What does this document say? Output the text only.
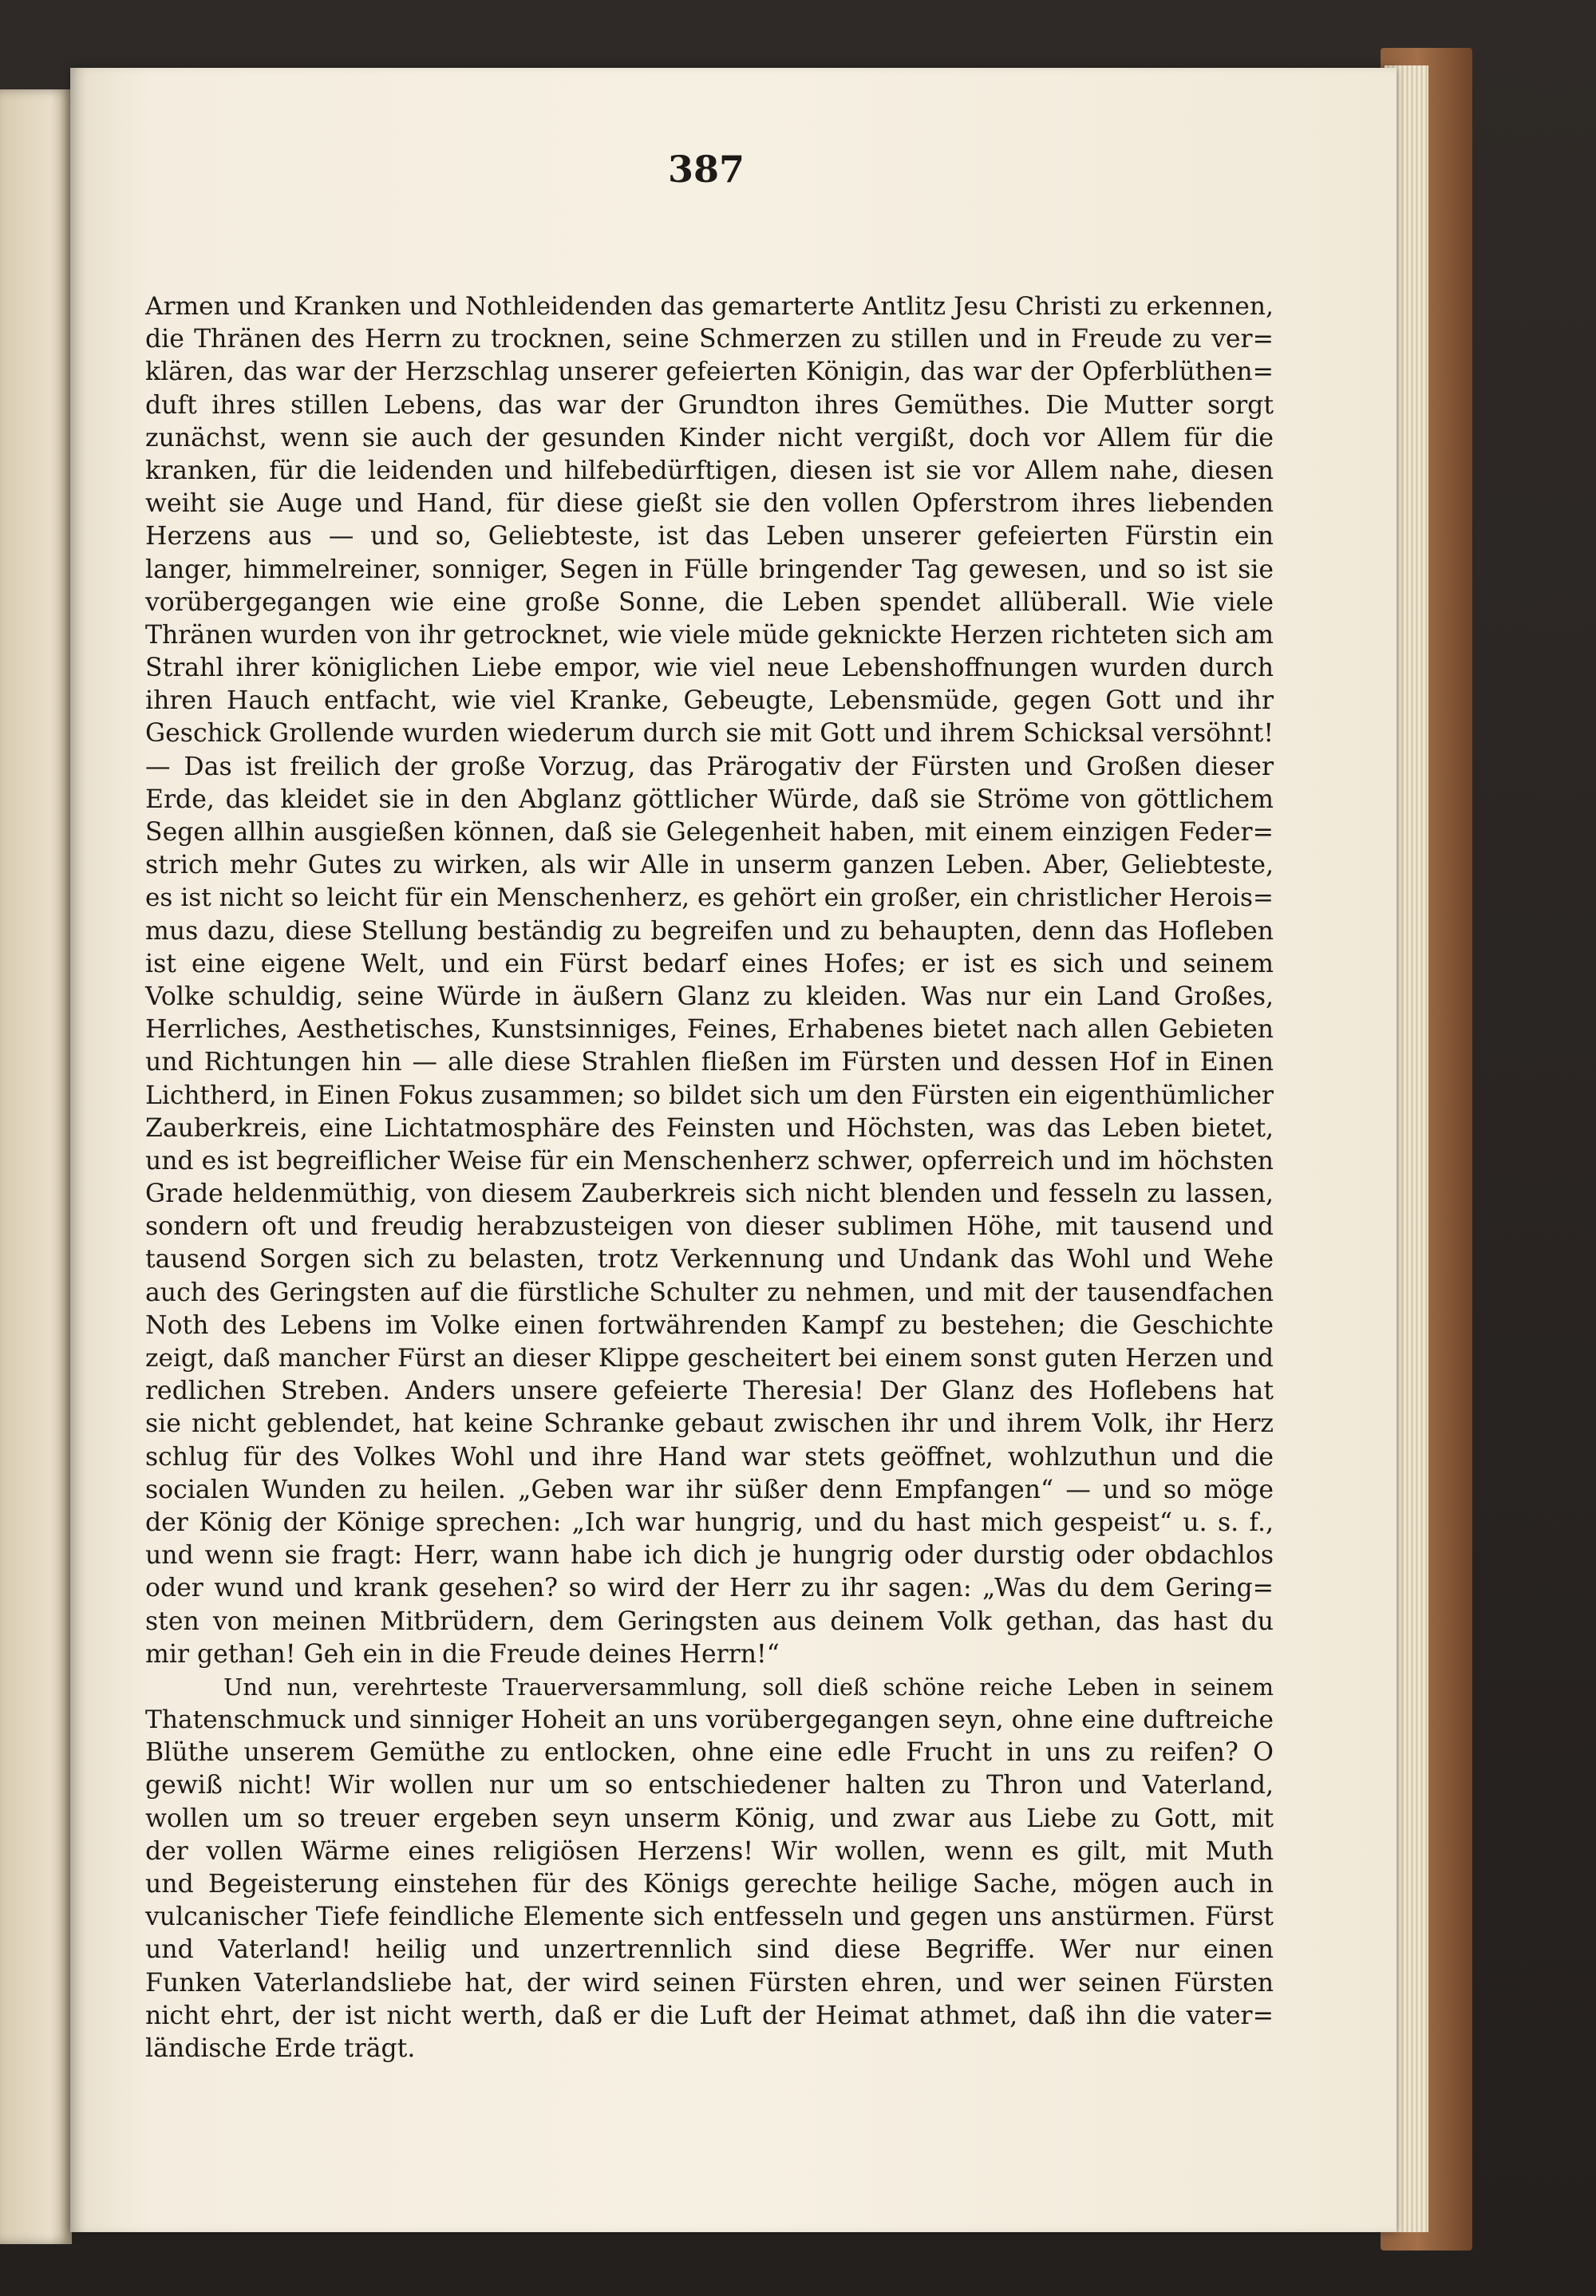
387
Armen und Kranken und Nothleidenden das gemarterte Antlitz Jesu Christi zu erkennen,
die Thränen des Herrn zu trocknen, seine Schmerzen zu stillen und in Freude zu ver=
klären, das war der Herzschlag unserer gefeierten Königin, das war der Opferblüthen=
duft ihres stillen Lebens, das war der Grundton ihres Gemüthes. Die Mutter sorgt
zunächst, wenn sie auch der gesunden Kinder nicht vergißt, doch vor Allem für die
kranken, für die leidenden und hilfebedürftigen, diesen ist sie vor Allem nahe, diesen
weiht sie Auge und Hand, für diese gießt sie den vollen Opferstrom ihres liebenden
Herzens aus — und so, Geliebteste, ist das Leben unserer gefeierten Fürstin ein
langer, himmelreiner, sonniger, Segen in Fülle bringender Tag gewesen, und so ist sie
vorübergegangen wie eine große Sonne, die Leben spendet allüberall. Wie viele
Thränen wurden von ihr getrocknet, wie viele müde geknickte Herzen richteten sich am
Strahl ihrer königlichen Liebe empor, wie viel neue Lebenshoffnungen wurden durch
ihren Hauch entfacht, wie viel Kranke, Gebeugte, Lebensmüde, gegen Gott und ihr
Geschick Grollende wurden wiederum durch sie mit Gott und ihrem Schicksal versöhnt!
— Das ist freilich der große Vorzug, das Prärogativ der Fürsten und Großen dieser
Erde, das kleidet sie in den Abglanz göttlicher Würde, daß sie Ströme von göttlichem
Segen allhin ausgießen können, daß sie Gelegenheit haben, mit einem einzigen Feder=
strich mehr Gutes zu wirken, als wir Alle in unserm ganzen Leben. Aber, Geliebteste,
es ist nicht so leicht für ein Menschenherz, es gehört ein großer, ein christlicher Herois=
mus dazu, diese Stellung beständig zu begreifen und zu behaupten, denn das Hofleben
ist eine eigene Welt, und ein Fürst bedarf eines Hofes; er ist es sich und seinem
Volke schuldig, seine Würde in äußern Glanz zu kleiden. Was nur ein Land Großes,
Herrliches, Aesthetisches, Kunstsinniges, Feines, Erhabenes bietet nach allen Gebieten
und Richtungen hin — alle diese Strahlen fließen im Fürsten und dessen Hof in Einen
Lichtherd, in Einen Fokus zusammen; so bildet sich um den Fürsten ein eigenthümlicher
Zauberkreis, eine Lichtatmosphäre des Feinsten und Höchsten, was das Leben bietet,
und es ist begreiflicher Weise für ein Menschenherz schwer, opferreich und im höchsten
Grade heldenmüthig, von diesem Zauberkreis sich nicht blenden und fesseln zu lassen,
sondern oft und freudig herabzusteigen von dieser sublimen Höhe, mit tausend und
tausend Sorgen sich zu belasten, trotz Verkennung und Undank das Wohl und Wehe
auch des Geringsten auf die fürstliche Schulter zu nehmen, und mit der tausendfachen
Noth des Lebens im Volke einen fortwährenden Kampf zu bestehen; die Geschichte
zeigt, daß mancher Fürst an dieser Klippe gescheitert bei einem sonst guten Herzen und
redlichen Streben. Anders unsere gefeierte Theresia! Der Glanz des Hoflebens hat
sie nicht geblendet, hat keine Schranke gebaut zwischen ihr und ihrem Volk, ihr Herz
schlug für des Volkes Wohl und ihre Hand war stets geöffnet, wohlzuthun und die
socialen Wunden zu heilen. „Geben war ihr süßer denn Empfangen“ — und so möge
der König der Könige sprechen: „Ich war hungrig, und du hast mich gespeist“ u. s. f.,
und wenn sie fragt: Herr, wann habe ich dich je hungrig oder durstig oder obdachlos
oder wund und krank gesehen? so wird der Herr zu ihr sagen: „Was du dem Gering=
sten von meinen Mitbrüdern, dem Geringsten aus deinem Volk gethan, das hast du
mir gethan! Geh ein in die Freude deines Herrn!“
Und nun, verehrteste Trauerversammlung, soll dieß schöne reiche Leben in seinem
Thatenschmuck und sinniger Hoheit an uns vorübergegangen seyn, ohne eine duftreiche
Blüthe unserem Gemüthe zu entlocken, ohne eine edle Frucht in uns zu reifen? O
gewiß nicht! Wir wollen nur um so entschiedener halten zu Thron und Vaterland,
wollen um so treuer ergeben seyn unserm König, und zwar aus Liebe zu Gott, mit
der vollen Wärme eines religiösen Herzens! Wir wollen, wenn es gilt, mit Muth
und Begeisterung einstehen für des Königs gerechte heilige Sache, mögen auch in
vulcanischer Tiefe feindliche Elemente sich entfesseln und gegen uns anstürmen. Fürst
und Vaterland! heilig und unzertrennlich sind diese Begriffe. Wer nur einen
Funken Vaterlandsliebe hat, der wird seinen Fürsten ehren, und wer seinen Fürsten
nicht ehrt, der ist nicht werth, daß er die Luft der Heimat athmet, daß ihn die vater=
ländische Erde trägt.
